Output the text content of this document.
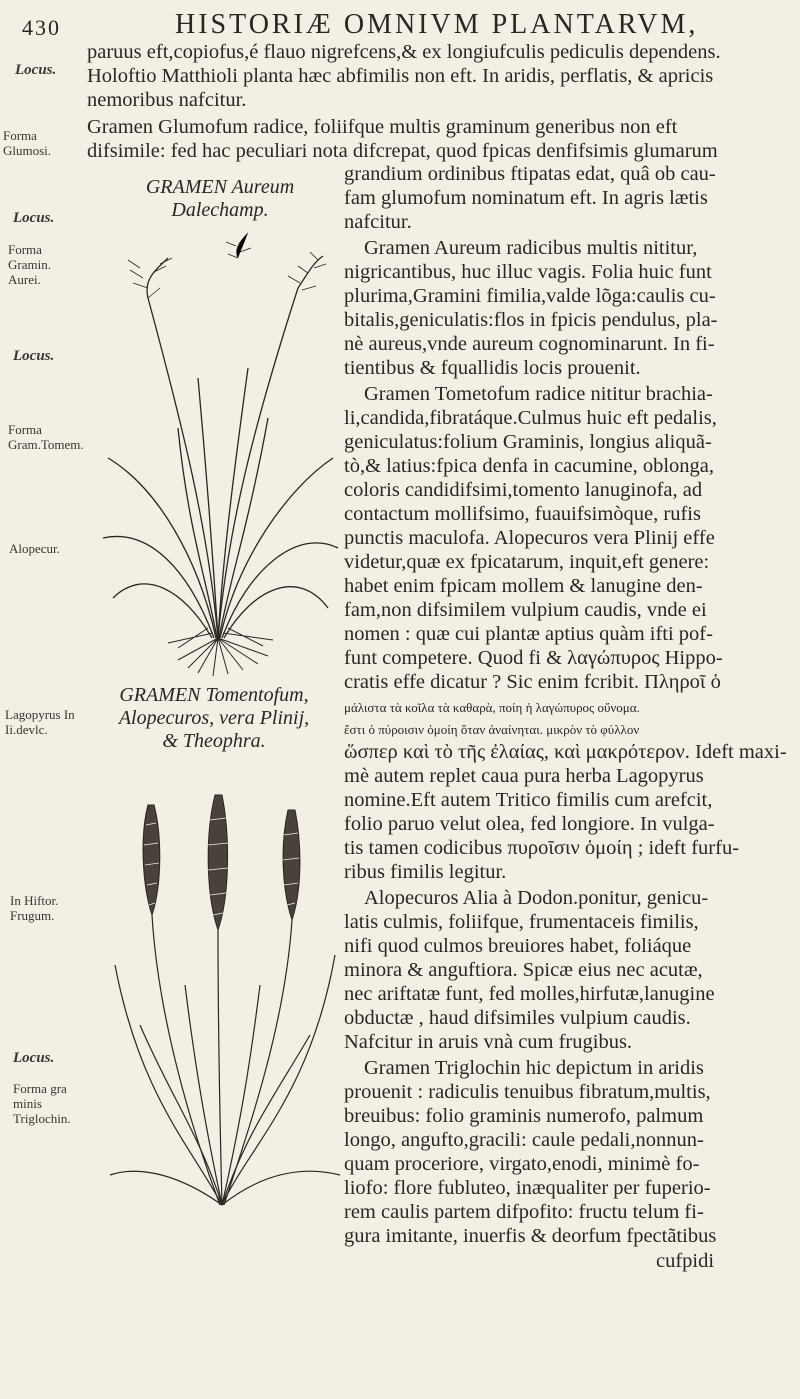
430	HISTORIÆ OMNIVM PLANTARVM,
Locus.
Forma Glumosi.
Locus.
Forma Gramin. Aurei.
Locus.
Forma Gram.Tomem.
Alopecur.
Lagopyrus In Ii.devlc.
In Hiftor. Frugum.
Locus.
Forma gra minis Triglochin.
GRAMEN Aureum
Dalechamp.
GRAMEN Tomentofum,
Alopecuros, vera Plinij,
& Theophra.
paruus eft,copiofus,é flauo nigrefcens,& ex longiufculis pediculis dependens.
Holoftio Matthioli planta hæc abfimilis non eft. In aridis, perflatis, & apricis
nemoribus nafcitur.
Gramen Glumofum radice, foliifque multis graminum generibus non eft
difsimile: fed hac peculiari nota difcrepat, quod fpicas denfifsimis glumarum
grandium ordinibus ftipatas edat, quâ ob cau-
fam glumofum nominatum eft. In agris lætis
nafcitur.
Gramen Aureum radicibus multis nititur,
nigricantibus, huc illuc vagis. Folia huic funt
plurima,Gramini fimilia,valde lõga:caulis cu-
bitalis,geniculatis:flos in fpicis pendulus, pla-
nè aureus,vnde aureum cognominarunt. In fi-
tientibus & fquallidis locis prouenit.
Gramen Tometofum radice nititur brachia-
li,candida,fibratáque.Culmus huic eft pedalis,
geniculatus:folium Graminis, longius aliquã-
tò,& latius:fpica denfa in cacumine, oblonga,
coloris candidifsimi,tomento lanuginofa, ad
contactum mollifsimo, fuauifsimòque, rufis
punctis maculofa. Alopecuros vera Plinij effe
videtur,quæ ex fpicatarum, inquit,eft genere:
habet enim fpicam mollem & lanugine den-
fam,non difsimilem vulpium caudis, vnde ei
nomen : quæ cui plantæ aptius quàm ifti pof-
funt competere. Quod fi & λαγώπυρος Hippo-
cratis effe dicatur ? Sic enim fcribit. Πληροῖ ὁ
μάλιστα τὰ κοῖλα τὰ καθαρὰ, ποίη ἡ λαγώπυρος οὔνομα.
ἔστι ὁ πύροισιν ὁμοίη ὅταν ἀναίνηται. μικρὸν τὸ φύλλον
ὥσπερ καὶ τὸ τῆς ἐλαίας, καὶ μακρότερον. Ideft maxi-
mè autem replet caua pura herba Lagopyrus
nomine.Eft autem Tritico fimilis cum arefcit,
folio paruo velut olea, fed longiore. In vulga-
tis tamen codicibus πυροῖσιν ὁμοίη ; ideft furfu-
ribus fimilis legitur.
Alopecuros Alia à Dodon.ponitur, genicu-
latis culmis, foliifque, frumentaceis fimilis,
nifi quod culmos breuiores habet, foliáque
minora & anguftiora. Spicæ eius nec acutæ,
nec ariftatæ funt, fed molles,hirfutæ,lanugine
obductæ , haud difsimiles vulpium caudis.
Nafcitur in aruis vnà cum frugibus.
Gramen Triglochin hic depictum in aridis
prouenit : radiculis tenuibus fibratum,multis,
breuibus: folio graminis numerofo, palmum
longo, angufto,gracili: caule pedali,nonnun-
quam proceriore, virgato,enodi, minimè fo-
liofo: flore fubluteo, inæqualiter per fuperio-
rem caulis partem difpofito: fructu telum fi-
gura imitante, inuerfis & deorfum fpectãtibus
cufpidi
